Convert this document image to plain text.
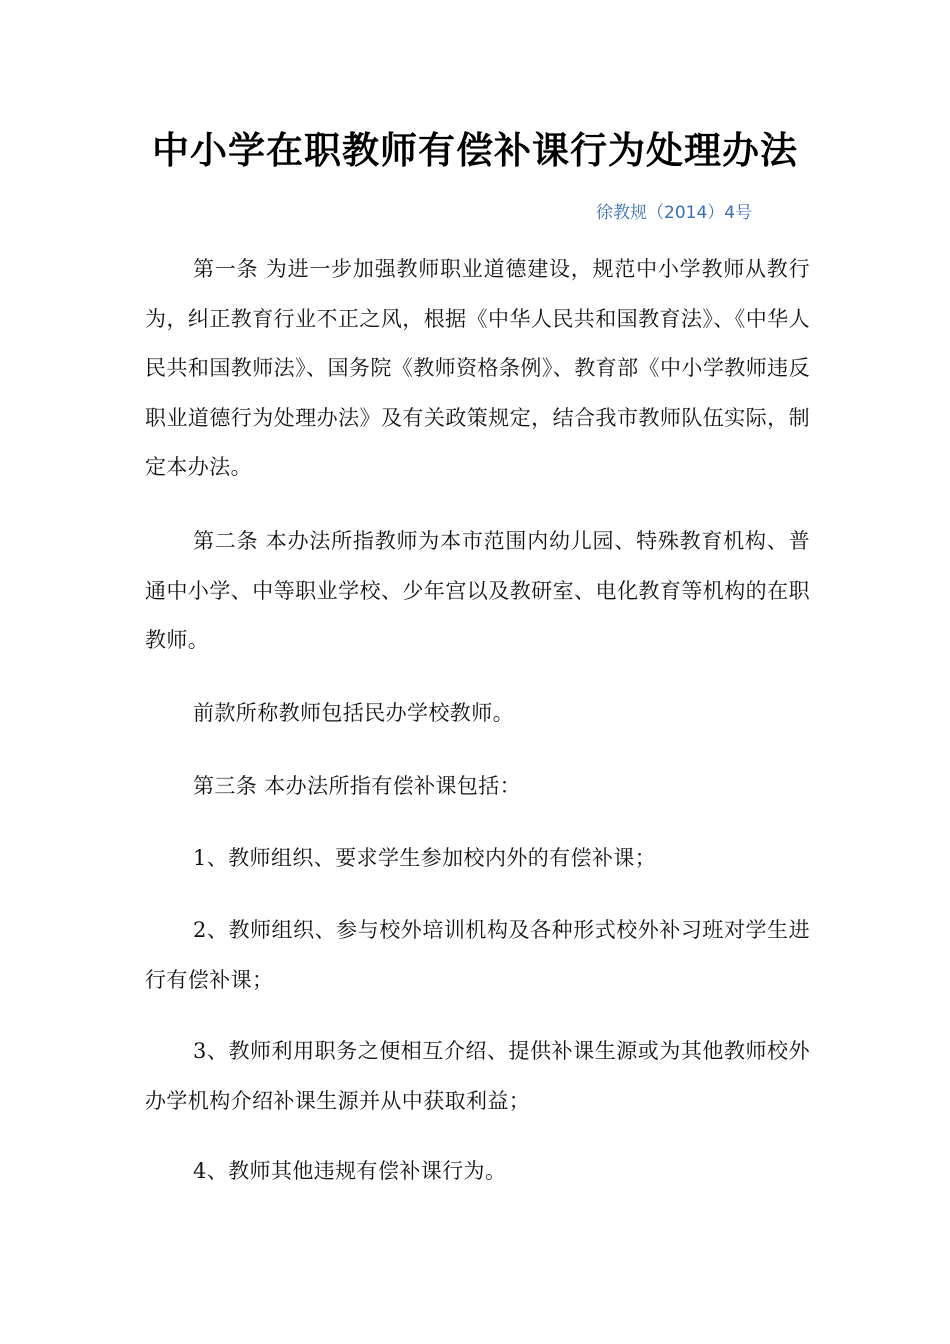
中小学在职教师有偿补课行为处理办法
徐教规（2014）4号

第一条 为进一步加强教师职业道德建设，规范中小学教师从教行为，纠正教育行业不正之风，根据《中华人民共和国教育法》、《中华人民共和国教师法》、国务院《教师资格条例》、教育部《中小学教师违反职业道德行为处理办法》及有关政策规定，结合我市教师队伍实际，制定本办法。

第二条 本办法所指教师为本市范围内幼儿园、特殊教育机构、普通中小学、中等职业学校、少年宫以及教研室、电化教育等机构的在职教师。

前款所称教师包括民办学校教师。

第三条 本办法所指有偿补课包括：

1、教师组织、要求学生参加校内外的有偿补课；

2、教师组织、参与校外培训机构及各种形式校外补习班对学生进行有偿补课；

3、教师利用职务之便相互介绍、提供补课生源或为其他教师校外办学机构介绍补课生源并从中获取利益；

4、教师其他违规有偿补课行为。
